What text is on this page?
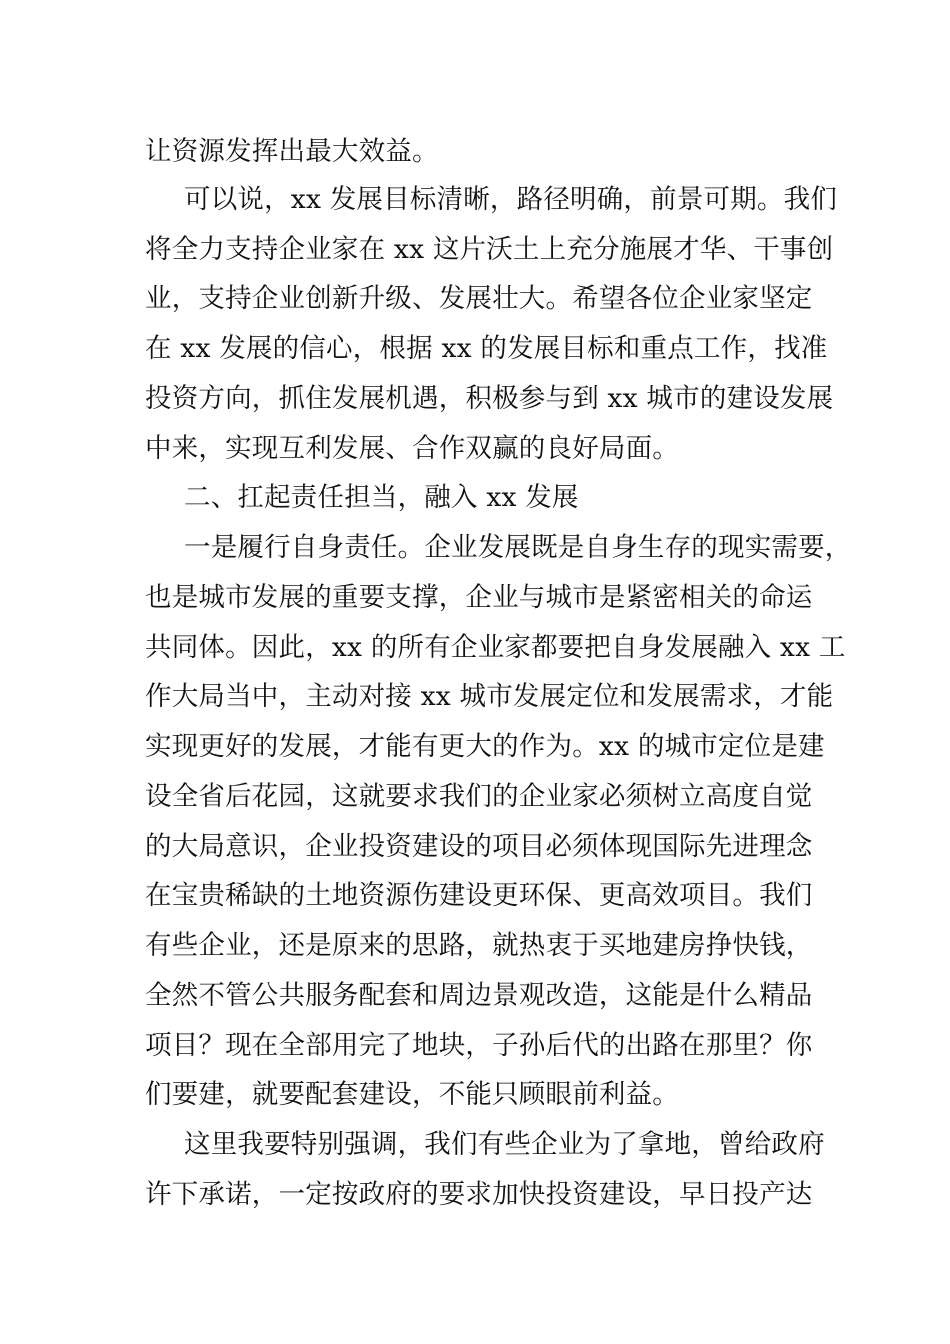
让资源发挥出最大效益。
可以说，xx 发展目标清晰，路径明确，前景可期。我们
将全力支持企业家在 xx 这片沃土上充分施展才华、干事创
业，支持企业创新升级、发展壮大。希望各位企业家坚定
在 xx 发展的信心，根据 xx 的发展目标和重点工作，找准
投资方向，抓住发展机遇，积极参与到 xx 城市的建设发展
中来，实现互利发展、合作双赢的良好局面。
二、扛起责任担当，融入 xx 发展
一是履行自身责任。企业发展既是自身生存的现实需要，
也是城市发展的重要支撑，企业与城市是紧密相关的命运
共同体。因此，xx 的所有企业家都要把自身发展融入 xx 工
作大局当中，主动对接 xx 城市发展定位和发展需求，才能
实现更好的发展，才能有更大的作为。xx 的城市定位是建
设全省后花园，这就要求我们的企业家必须树立高度自觉
的大局意识，企业投资建设的项目必须体现国际先进理念
在宝贵稀缺的土地资源伤建设更环保、更高效项目。我们
有些企业，还是原来的思路，就热衷于买地建房挣快钱，
全然不管公共服务配套和周边景观改造，这能是什么精品
项目？现在全部用完了地块，子孙后代的出路在那里？你
们要建，就要配套建设，不能只顾眼前利益。
这里我要特别强调，我们有些企业为了拿地，曾给政府
许下承诺，一定按政府的要求加快投资建设，早日投产达
